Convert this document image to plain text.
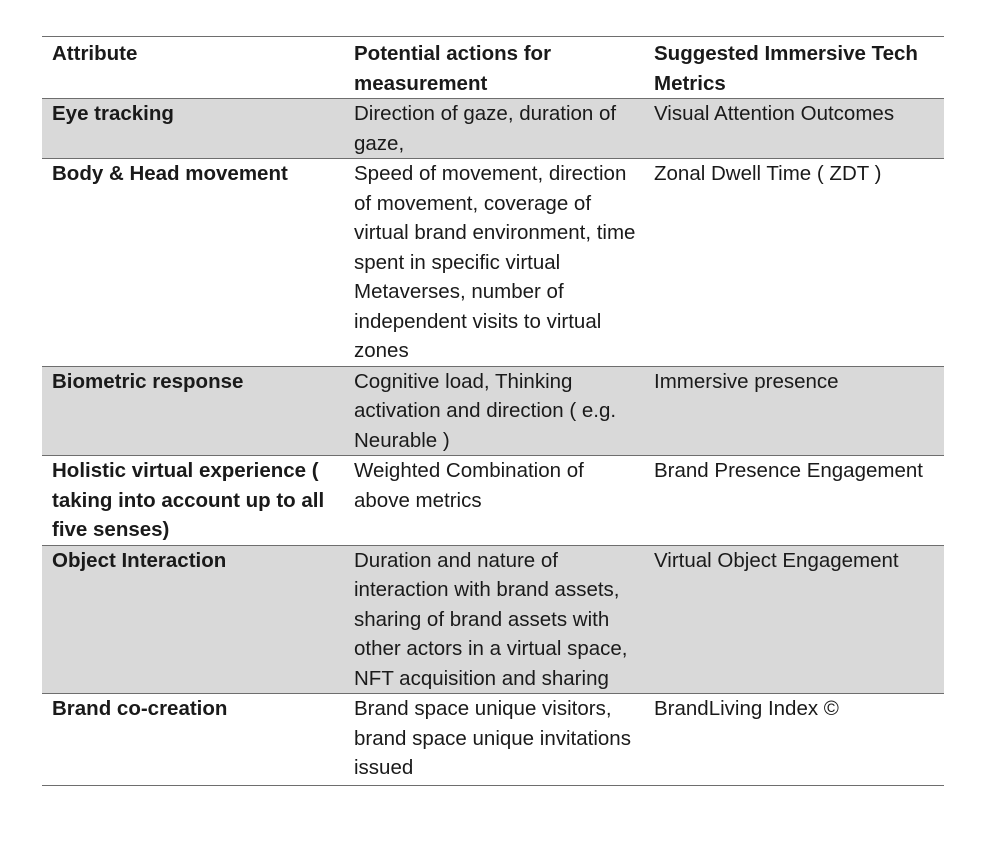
Attribute	Potential actions for measurement	Suggested Immersive Tech Metrics
Eye tracking	Direction of gaze, duration of gaze,	Visual Attention Outcomes
Body & Head movement	Speed of movement, direction of movement, coverage of virtual brand environment, time spent in specific virtual Metaverses, number of independent visits to virtual zones	Zonal Dwell Time ( ZDT )
Biometric response	Cognitive load, Thinking activation and direction ( e.g. Neurable )	Immersive presence
Holistic virtual experience ( taking into account up to all five senses)	Weighted Combination of above metrics	Brand Presence Engagement
Object Interaction	Duration and nature of interaction with brand assets, sharing of brand assets with other actors in a virtual space, NFT acquisition and sharing	Virtual Object Engagement
Brand co-creation	Brand space unique visitors, brand space unique invitations issued	BrandLiving Index ©
